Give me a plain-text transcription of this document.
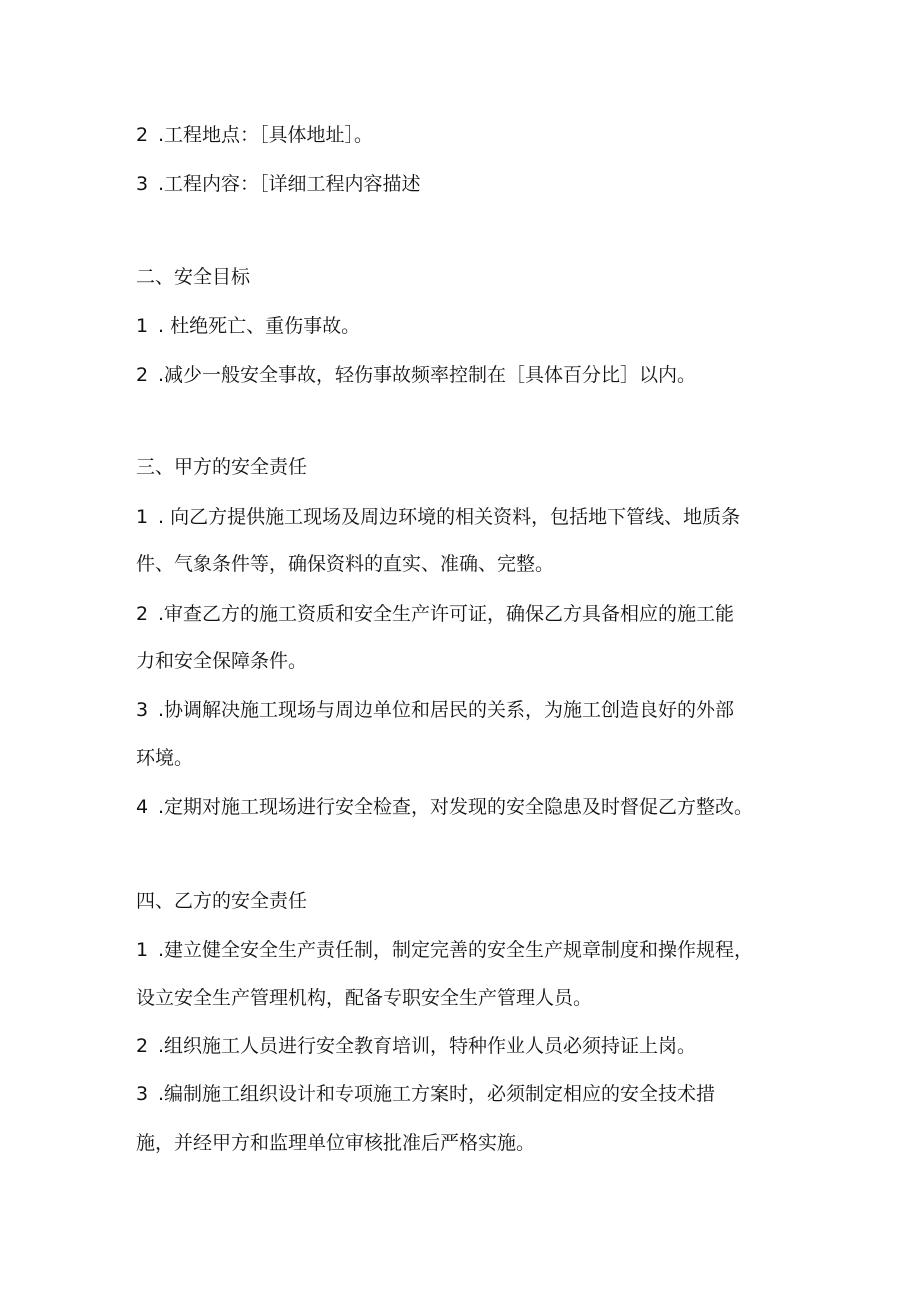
2 .工程地点：［具体地址］。
3 .工程内容：［详细工程内容描述
二、安全目标
1 . 杜绝死亡、重伤事故。
2 .减少一般安全事故，轻伤事故频率控制在［具体百分比］以内。
三、甲方的安全责任
1 . 向乙方提供施工现场及周边环境的相关资料，包括地下管线、地质条
件、气象条件等，确保资料的直实、准确、完整。
2 .审查乙方的施工资质和安全生产许可证，确保乙方具备相应的施工能
力和安全保障条件。
3 .协调解决施工现场与周边单位和居民的关系，为施工创造良好的外部
环境。
4 .定期对施工现场进行安全检查，对发现的安全隐患及时督促乙方整改。
四、乙方的安全责任
1 .建立健全安全生产责任制，制定完善的安全生产规章制度和操作规程，
设立安全生产管理机构，配备专职安全生产管理人员。
2 .组织施工人员进行安全教育培训，特种作业人员必须持证上岗。
3 .编制施工组织设计和专项施工方案时，必须制定相应的安全技术措
施，并经甲方和监理单位审核批准后严格实施。
